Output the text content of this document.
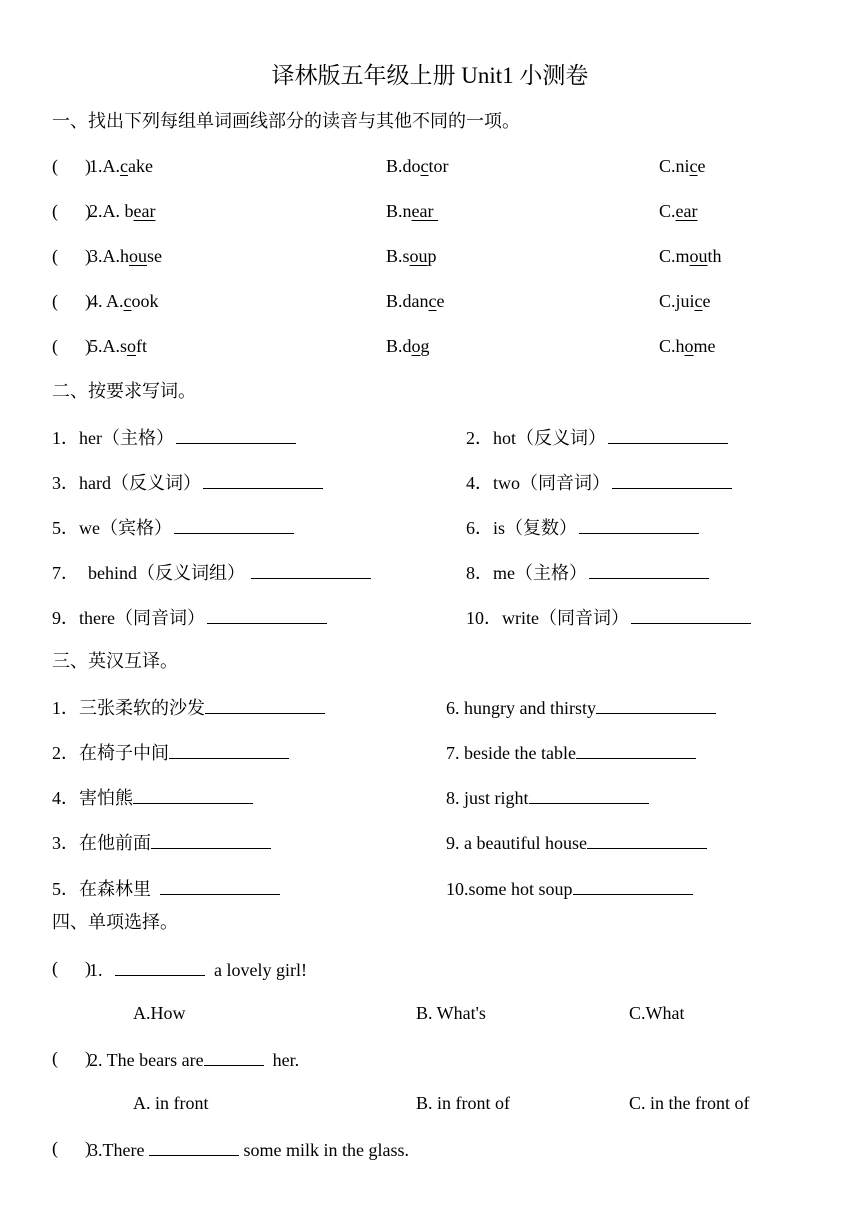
译林版五年级上册 Unit1 小测卷
一、找出下列每组单词画线部分的读音与其他不同的一项。
(      )
1.A.cake	B.doctor	C.nice
(      )
2.A. bear	B.near	C.ear
(      )
3.A.house	B.soup	C.mouth
(      )
4. A.cook	B.dance	C.juice
(      )
5.A.soft	B.dog	C.home
二、按要求写词。
1．her（主格）	2．hot（反义词）
3．hard（反义词）	4．two（同音词）
5．we（宾格）	6．is（复数）
7．  behind（反义词组）	8．me（主格）
9．there（同音词）	10．write（同音词）
三、英汉互译。
1．三张柔软的沙发	6. hungry and thirsty
2．在椅子中间	7. beside the table
4．害怕熊	8. just right
3．在他前面	9. a beautiful house
5．在森林里	10.some hot soup
四、单项选择。
(      )
1.	a lovely girl!
A.How	B. What's	C.What
(      )
2. The bears are	her.
A. in front	B. in front of	C. in the front of
(      )
3.There	some milk in the glass.
